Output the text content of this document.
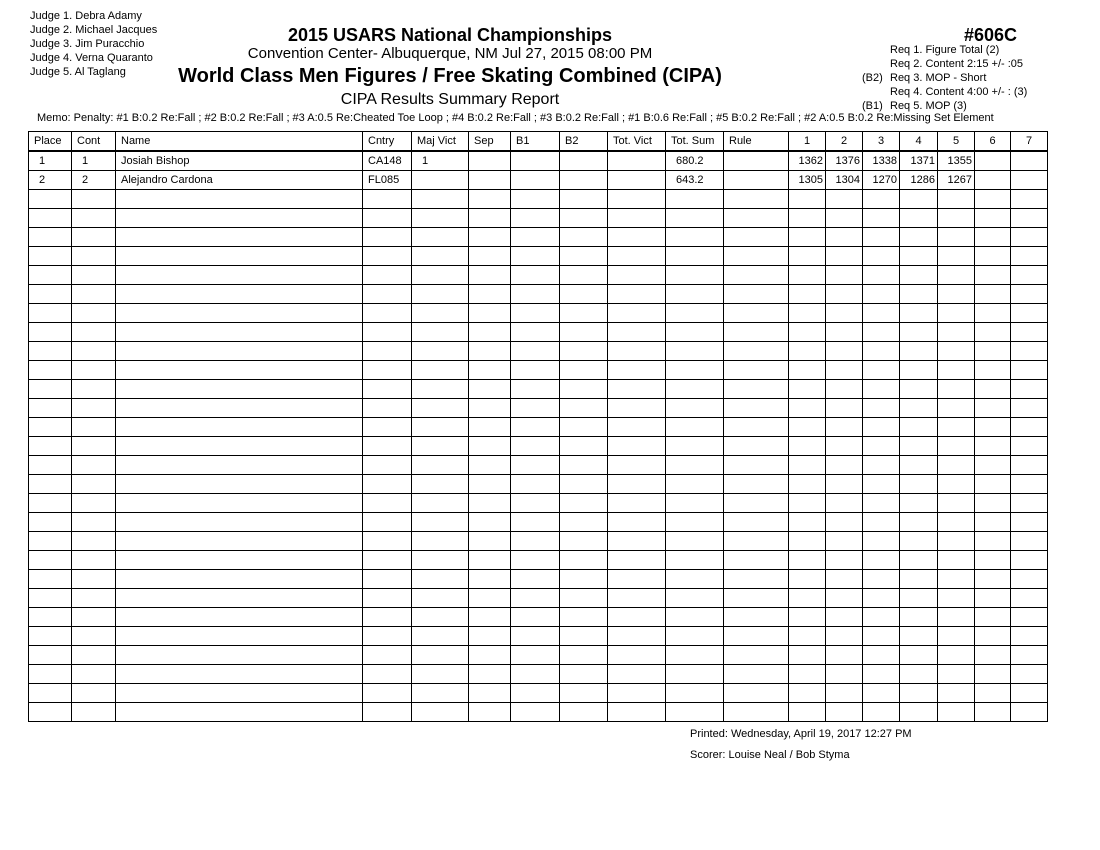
Judge 1. Debra Adamy
Judge 2. Michael Jacques
Judge 3. Jim Puracchio
Judge 4. Verna Quaranto
Judge 5. Al Taglang
2015 USARS National Championships
Convention Center- Albuquerque, NM Jul 27, 2015 08:00 PM
World Class Men Figures / Free Skating Combined (CIPA)
CIPA Results Summary Report
#606C
Req 1. Figure Total (2)
Req 2. Content 2:15 +/- :05
(B2) Req 3. MOP - Short
Req 4. Content 4:00 +/- : (3)
(B1) Req 5. MOP (3)
Memo: Penalty: #1 B:0.2 Re:Fall ; #2 B:0.2 Re:Fall ; #3 A:0.5 Re:Cheated Toe Loop ; #4 B:0.2 Re:Fall ; #3 B:0.2 Re:Fall ; #1 B:0.6 Re:Fall ; #5 B:0.2 Re:Fall ; #2 A:0.5 B:0.2 Re:Missing Set Element
Place	Cont	Name	Cntry	Maj Vict	Sep	B1	B2	Tot. Vict	Tot. Sum	Rule	1	2	3	4	5	6	7
1	1	Josiah Bishop	CA148	1					680.2		1362	1376	1338	1371	1355		
2	2	Alejandro Cardona	FL085						643.2		1305	1304	1270	1286	1267		

Printed: Wednesday, April 19, 2017 12:27 PM
Scorer: Louise Neal / Bob Styma
